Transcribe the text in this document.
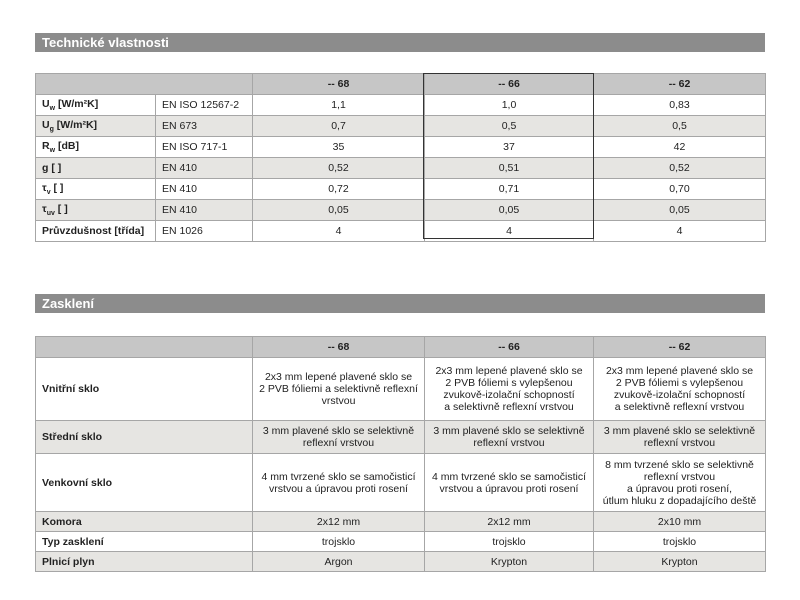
Technické vlastnosti
		-- 68	-- 66	-- 62
$U_w$ [W/m²K]	EN ISO 12567-2	1,1	1,0	0,83
$U_g$ [W/m²K]	EN 673	0,7	0,5	0,5
$R_w$ [dB]	EN ISO 717-1	35	37	42
g [ ]	EN 410	0,52	0,51	0,52
$\tau_v$ [ ]	EN 410	0,72	0,71	0,70
$\tau_{uv}$ [ ]	EN 410	0,05	0,05	0,05
Průvzdušnost [třída]	EN 1026	4	4	4
Zasklení
	-- 68	-- 66	-- 62
Vnitřní sklo	2x3 mm lepené plavené sklo se
2 PVB fóliemi a selektivně reflexní
vrstvou	2x3 mm lepené plavené sklo se
2 PVB fóliemi s vylepšenou
zvukově-izolační schopností
a selektivně reflexní vrstvou	2x3 mm lepené plavené sklo se
2 PVB fóliemi s vylepšenou
zvukově-izolační schopností
a selektivně reflexní vrstvou
Střední sklo	3 mm plavené sklo se selektivně
reflexní vrstvou	3 mm plavené sklo se selektivně
reflexní vrstvou	3 mm plavené sklo se selektivně
reflexní vrstvou
Venkovní sklo	4 mm tvrzené sklo se samočisticí
vrstvou a úpravou proti rosení	4 mm tvrzené sklo se samočisticí
vrstvou a úpravou proti rosení	8 mm tvrzené sklo se selektivně
reflexní vrstvou
a úpravou proti rosení,
útlum hluku z dopadajícího deště
Komora	2x12 mm	2x12 mm	2x10 mm
Typ zasklení	trojsklo	trojsklo	trojsklo
Plnicí plyn	Argon	Krypton	Krypton
